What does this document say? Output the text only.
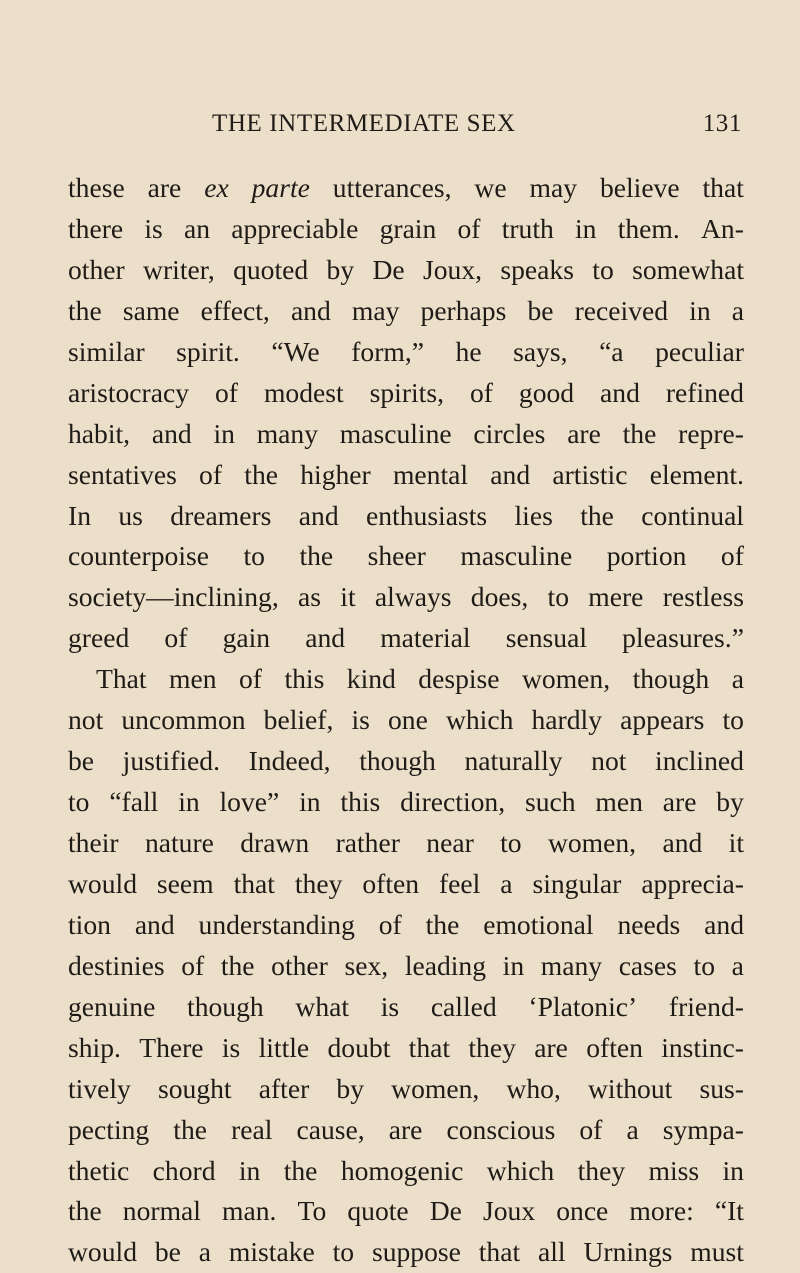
THE INTERMEDIATE SEX	131
these are ex parte utterances, we may believe that
there is an appreciable grain of truth in them. An-
other writer, quoted by De Joux, speaks to somewhat
the same effect, and may perhaps be received in a
similar spirit. “We form,” he says, “a peculiar
aristocracy of modest spirits, of good and refined
habit, and in many masculine circles are the repre-
sentatives of the higher mental and artistic element.
In us dreamers and enthusiasts lies the continual
counterpoise to the sheer masculine portion of
society—inclining, as it always does, to mere restless
greed of gain and material sensual pleasures.”
That men of this kind despise women, though a
not uncommon belief, is one which hardly appears to
be justified. Indeed, though naturally not inclined
to “fall in love” in this direction, such men are by
their nature drawn rather near to women, and it
would seem that they often feel a singular apprecia-
tion and understanding of the emotional needs and
destinies of the other sex, leading in many cases to a
genuine though what is called ‘Platonic’ friend-
ship. There is little doubt that they are often instinc-
tively sought after by women, who, without sus-
pecting the real cause, are conscious of a sympa-
thetic chord in the homogenic which they miss in
the normal man. To quote De Joux once more: “It
would be a mistake to suppose that all Urnings must
